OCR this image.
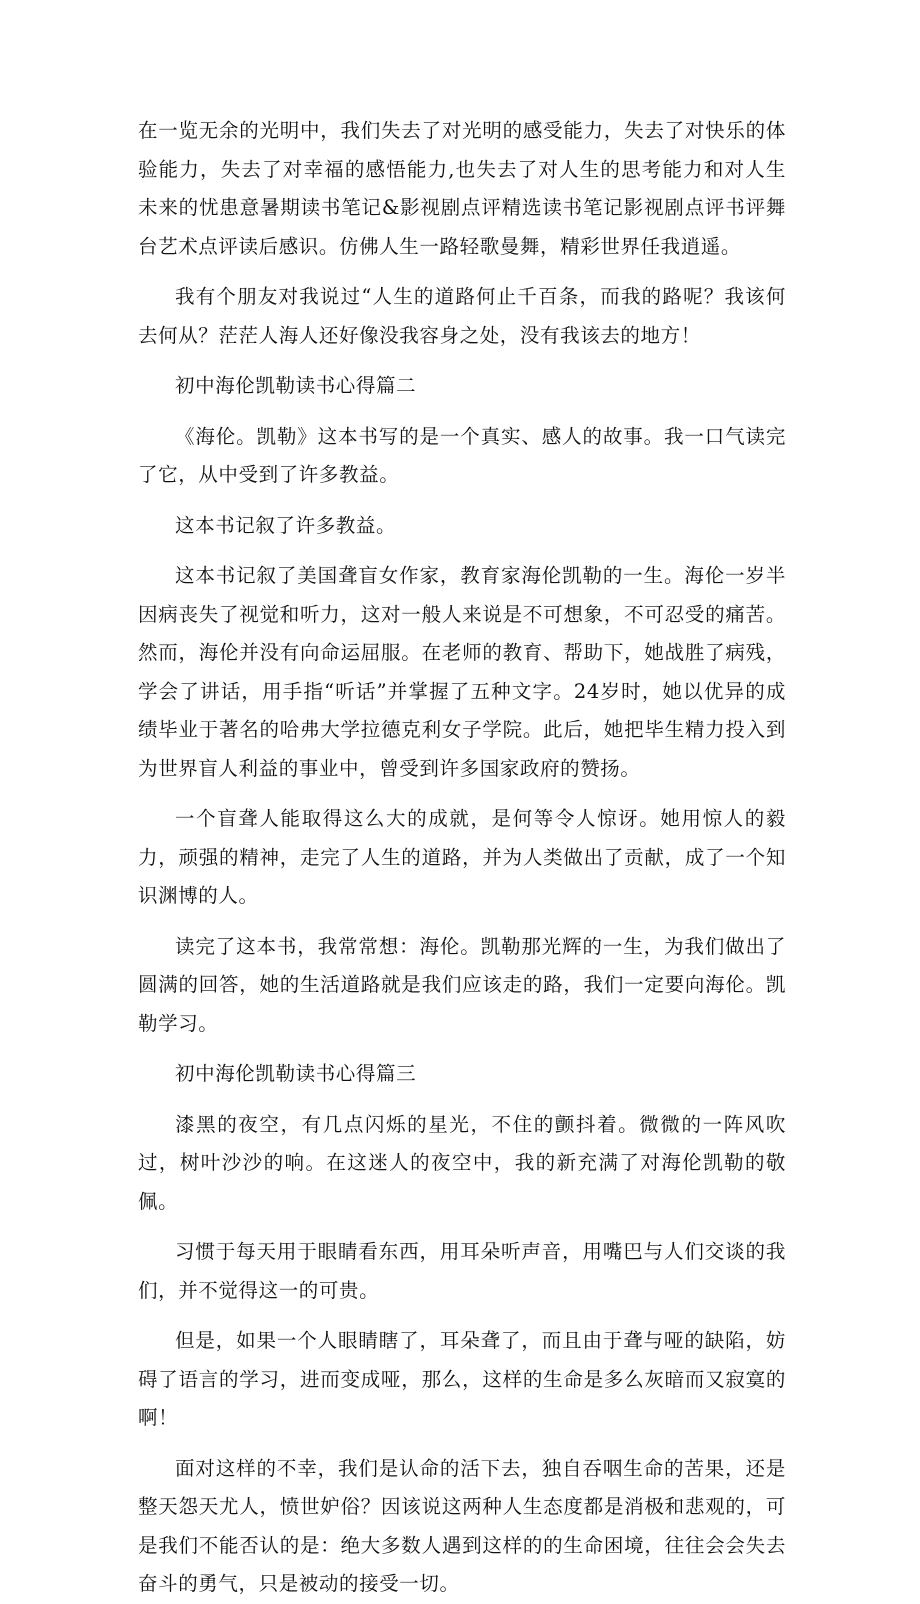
在一览无余的光明中，我们失去了对光明的感受能力，失去了对快乐的体验能力，失去了对幸福的感悟能力,也失去了对人生的思考能力和对人生未来的忧患意暑期读书笔记&影视剧点评精选读书笔记影视剧点评书评舞台艺术点评读后感识。仿佛人生一路轻歌曼舞，精彩世界任我逍遥。

我有个朋友对我说过“人生的道路何止千百条，而我的路呢？我该何去何从？茫茫人海人还好像没我容身之处，没有我该去的地方！

初中海伦凯勒读书心得篇二

《海伦。凯勒》这本书写的是一个真实、感人的故事。我一口气读完了它，从中受到了许多教益。

这本书记叙了许多教益。

这本书记叙了美国聋盲女作家，教育家海伦凯勒的一生。海伦一岁半因病丧失了视觉和听力，这对一般人来说是不可想象，不可忍受的痛苦。然而，海伦并没有向命运屈服。在老师的教育、帮助下，她战胜了病残，学会了讲话，用手指“听话”并掌握了五种文字。24岁时，她以优异的成绩毕业于著名的哈弗大学拉德克利女子学院。此后，她把毕生精力投入到为世界盲人利益的事业中，曾受到许多国家政府的赞扬。

一个盲聋人能取得这么大的成就，是何等令人惊讶。她用惊人的毅力，顽强的精神，走完了人生的道路，并为人类做出了贡献，成了一个知识渊博的人。

读完了这本书，我常常想：海伦。凯勒那光辉的一生，为我们做出了圆满的回答，她的生活道路就是我们应该走的路，我们一定要向海伦。凯勒学习。

初中海伦凯勒读书心得篇三

漆黑的夜空，有几点闪烁的星光，不住的颤抖着。微微的一阵风吹过，树叶沙沙的响。在这迷人的夜空中，我的新充满了对海伦凯勒的敬佩。

习惯于每天用于眼睛看东西，用耳朵听声音，用嘴巴与人们交谈的我们，并不觉得这一的可贵。

但是，如果一个人眼睛瞎了，耳朵聋了，而且由于聋与哑的缺陷，妨碍了语言的学习，进而变成哑，那么，这样的生命是多么灰暗而又寂寞的啊！

面对这样的不幸，我们是认命的活下去，独自吞咽生命的苦果，还是整天怨天尤人，愤世妒俗？因该说这两种人生态度都是消极和悲观的，可是我们不能否认的是：绝大多数人遇到这样的的生命困境，往往会会失去奋斗的勇气，只是被动的接受一切。
